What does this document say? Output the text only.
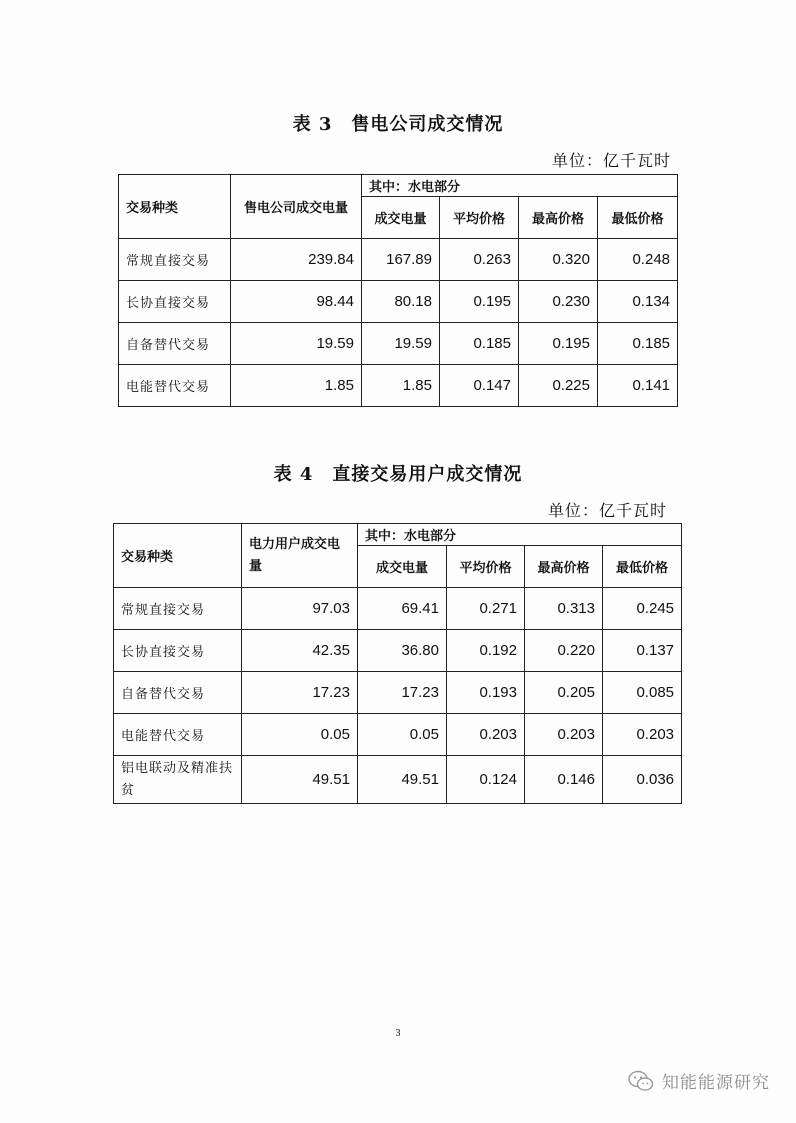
表 3　售电公司成交情况
单位：亿千瓦时
交易种类	售电公司成交电量	其中：水电部分			
		成交电量	平均价格	最高价格	最低价格
常规直接交易	239.84	167.89	0.263	0.320	0.248
长协直接交易	98.44	80.18	0.195	0.230	0.134
自备替代交易	19.59	19.59	0.185	0.195	0.185
电能替代交易	1.85	1.85	0.147	0.225	0.141
表 4　直接交易用户成交情况
单位：亿千瓦时
交易种类	电力用户成交电量	其中：水电部分			
		成交电量	平均价格	最高价格	最低价格
常规直接交易	97.03	69.41	0.271	0.313	0.245
长协直接交易	42.35	36.80	0.192	0.220	0.137
自备替代交易	17.23	17.23	0.193	0.205	0.085
电能替代交易	0.05	0.05	0.203	0.203	0.203
铝电联动及精准扶贫	49.51	49.51	0.124	0.146	0.036
3
知能能源研究
